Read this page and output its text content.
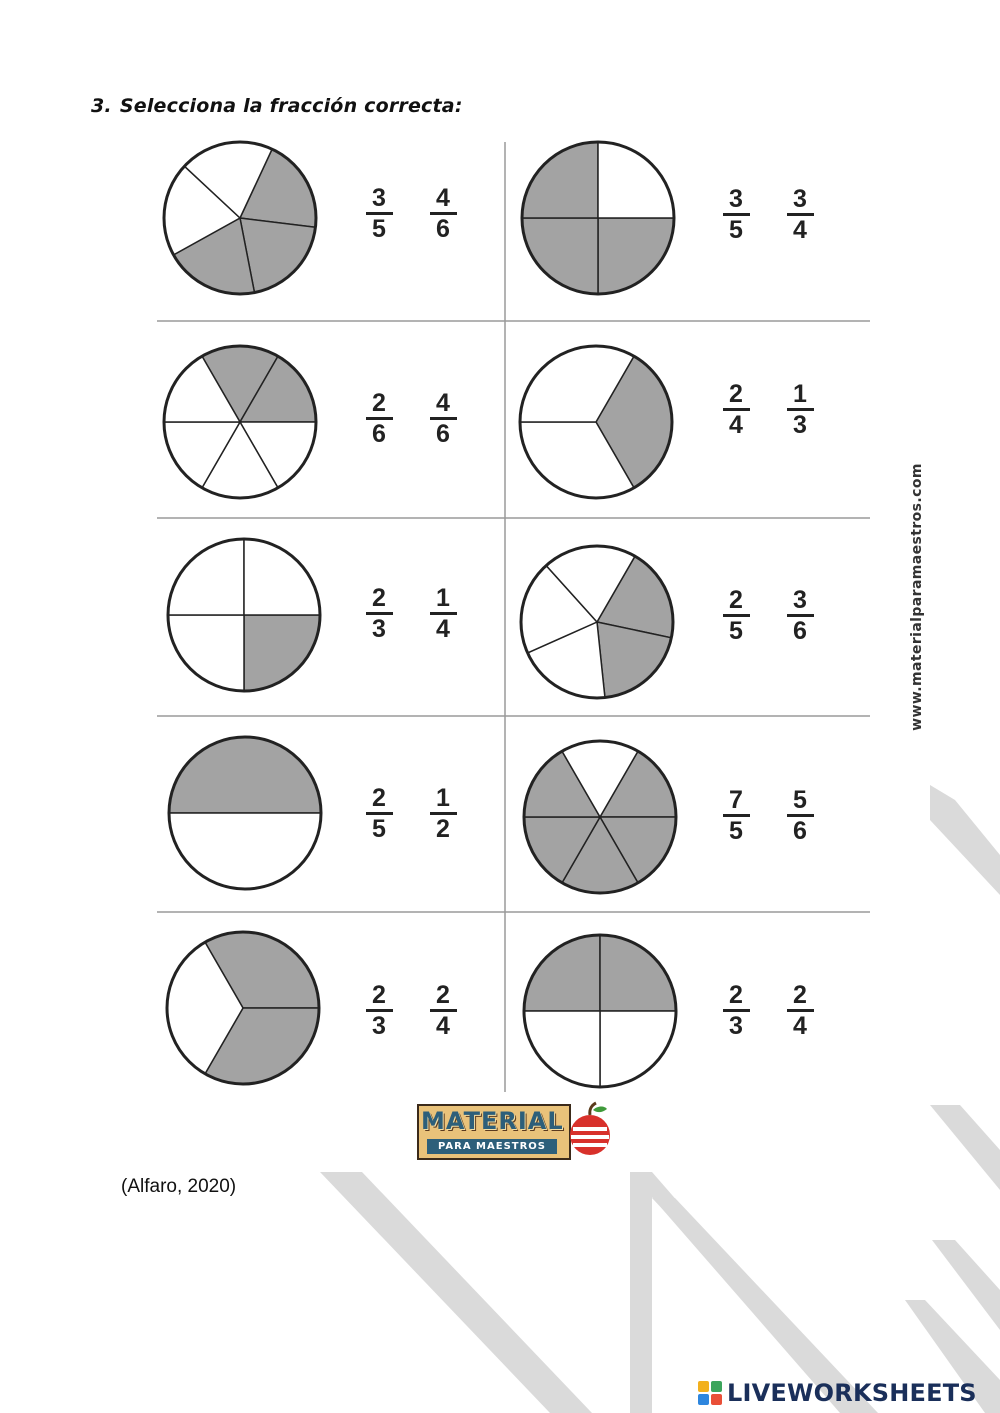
3. Selecciona la fracción correcta:

3
5
4
6
3
5
3
4
2
6
4
6
2
4
1
3
2
3
1
4
2
5
3
6
2
5
1
2
7
5
5
6
2
3
2
4
2
3
2
4
www.materialparamaestros.com

(Alfaro, 2020)

MATERIAL
PARA MAESTROS
LIVEWORKSHEETS
